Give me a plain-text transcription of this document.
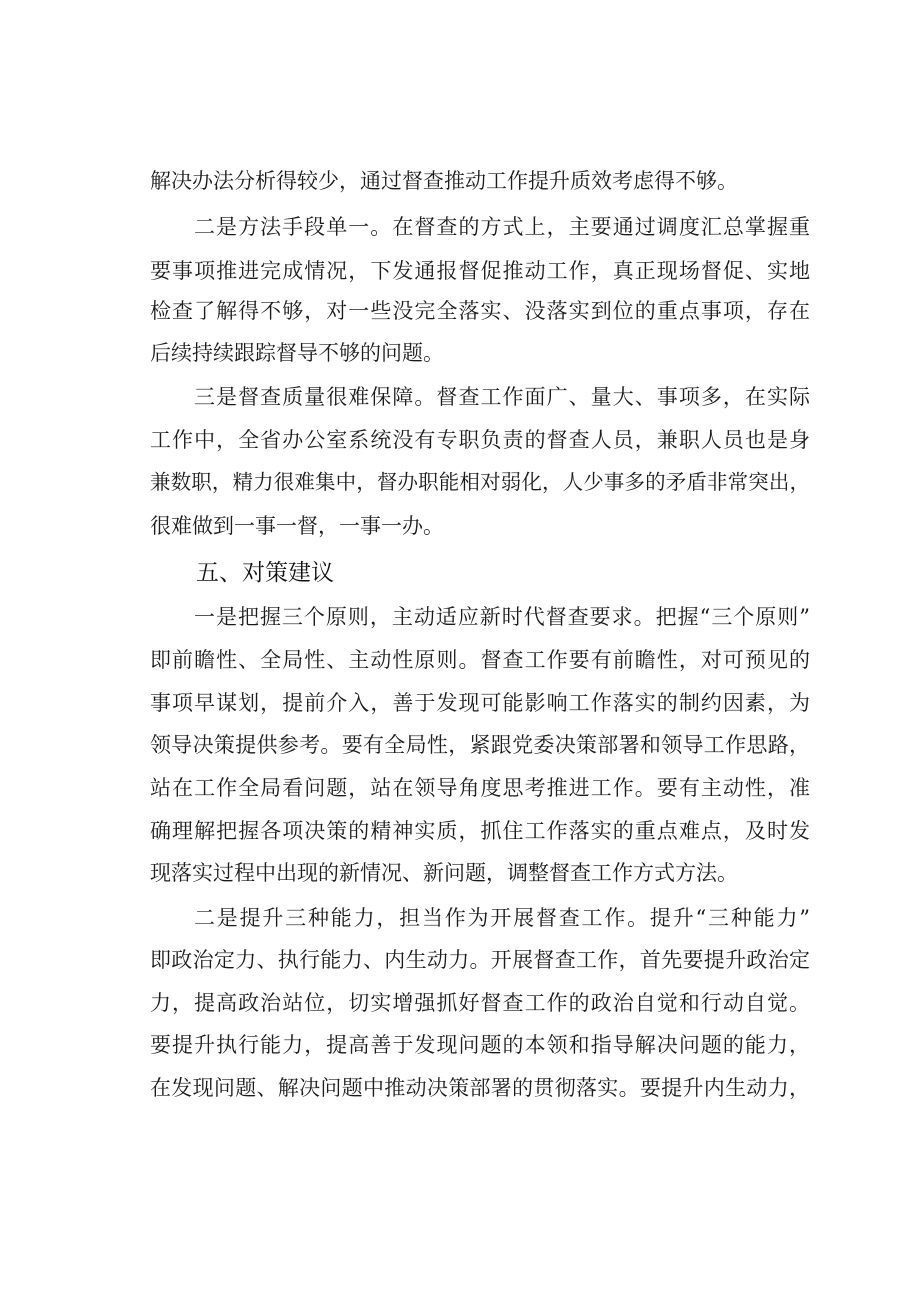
解决办法分析得较少，通过督查推动工作提升质效考虑得不够。
二是方法手段单一。在督查的方式上，主要通过调度汇总掌握重
要事项推进完成情况，下发通报督促推动工作，真正现场督促、实地
检查了解得不够，对一些没完全落实、没落实到位的重点事项，存在
后续持续跟踪督导不够的问题。
三是督查质量很难保障。督查工作面广、量大、事项多，在实际
工作中，全省办公室系统没有专职负责的督查人员，兼职人员也是身
兼数职，精力很难集中，督办职能相对弱化，人少事多的矛盾非常突出，
很难做到一事一督，一事一办。
五、对策建议
一是把握三个原则，主动适应新时代督查要求。把握“三个原则”
即前瞻性、全局性、主动性原则。督查工作要有前瞻性，对可预见的
事项早谋划，提前介入，善于发现可能影响工作落实的制约因素，为
领导决策提供参考。要有全局性，紧跟党委决策部署和领导工作思路，
站在工作全局看问题，站在领导角度思考推进工作。要有主动性，准
确理解把握各项决策的精神实质，抓住工作落实的重点难点，及时发
现落实过程中出现的新情况、新问题，调整督查工作方式方法。
二是提升三种能力，担当作为开展督查工作。提升“三种能力”
即政治定力、执行能力、内生动力。开展督查工作，首先要提升政治定
力，提高政治站位，切实增强抓好督查工作的政治自觉和行动自觉。
要提升执行能力，提高善于发现问题的本领和指导解决问题的能力，
在发现问题、解决问题中推动决策部署的贯彻落实。要提升内生动力，
